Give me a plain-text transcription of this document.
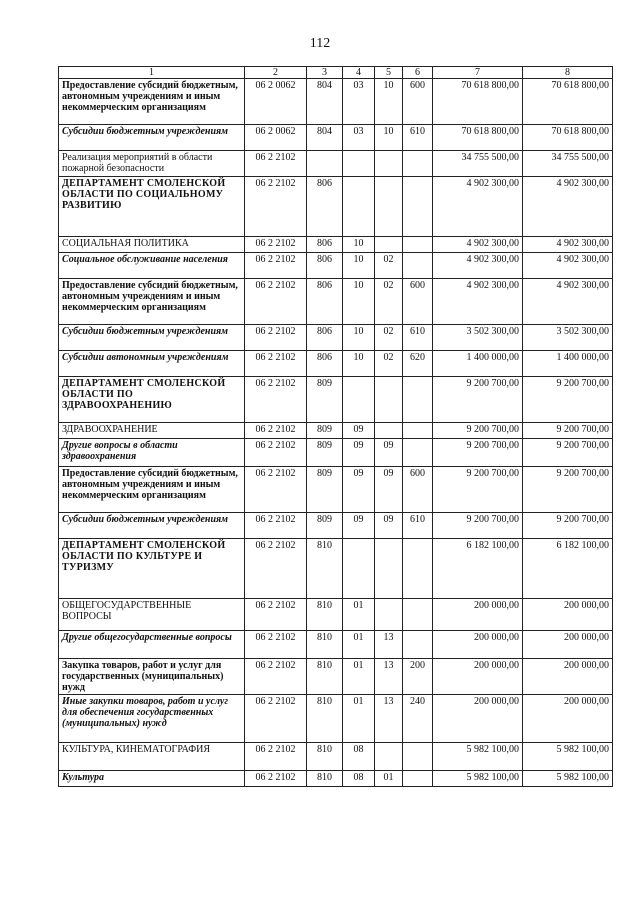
112
1	2	3	4	5	6	7	8
Предоставление субсидий бюджетным, автономным учреждениям и иным некоммерческим организациям	06 2 0062	804	03	10	600	70 618 800,00	70 618 800,00
Субсидии бюджетным учреждениям	06 2 0062	804	03	10	610	70 618 800,00	70 618 800,00
Реализация мероприятий в области пожарной безопасности	06 2 2102					34 755 500,00	34 755 500,00
ДЕПАРТАМЕНТ СМОЛЕНСКОЙ ОБЛАСТИ ПО СОЦИАЛЬНОМУ РАЗВИТИЮ	06 2 2102	806				4 902 300,00	4 902 300,00
СОЦИАЛЬНАЯ ПОЛИТИКА	06 2 2102	806	10			4 902 300,00	4 902 300,00
Социальное обслуживание населения	06 2 2102	806	10	02		4 902 300,00	4 902 300,00
Предоставление субсидий бюджетным, автономным учреждениям и иным некоммерческим организациям	06 2 2102	806	10	02	600	4 902 300,00	4 902 300,00
Субсидии бюджетным учреждениям	06 2 2102	806	10	02	610	3 502 300,00	3 502 300,00
Субсидии автономным учреждениям	06 2 2102	806	10	02	620	1 400 000,00	1 400 000,00
ДЕПАРТАМЕНТ СМОЛЕНСКОЙ ОБЛАСТИ ПО ЗДРАВООХРАНЕНИЮ	06 2 2102	809				9 200 700,00	9 200 700,00
ЗДРАВООХРАНЕНИЕ	06 2 2102	809	09			9 200 700,00	9 200 700,00
Другие вопросы в области здравоохранения	06 2 2102	809	09	09		9 200 700,00	9 200 700,00
Предоставление субсидий бюджетным, автономным учреждениям и иным некоммерческим организациям	06 2 2102	809	09	09	600	9 200 700,00	9 200 700,00
Субсидии бюджетным учреждениям	06 2 2102	809	09	09	610	9 200 700,00	9 200 700,00
ДЕПАРТАМЕНТ СМОЛЕНСКОЙ ОБЛАСТИ ПО КУЛЬТУРЕ И ТУРИЗМУ	06 2 2102	810				6 182 100,00	6 182 100,00
ОБЩЕГОСУДАРСТВЕННЫЕ ВОПРОСЫ	06 2 2102	810	01			200 000,00	200 000,00
Другие общегосударственные вопросы	06 2 2102	810	01	13		200 000,00	200 000,00
Закупка товаров, работ и услуг для государственных (муниципальных) нужд	06 2 2102	810	01	13	200	200 000,00	200 000,00
Иные закупки товаров, работ и услуг для обеспечения государственных (муниципальных) нужд	06 2 2102	810	01	13	240	200 000,00	200 000,00
КУЛЬТУРА, КИНЕМАТОГРАФИЯ	06 2 2102	810	08			5 982 100,00	5 982 100,00
Культура	06 2 2102	810	08	01		5 982 100,00	5 982 100,00
